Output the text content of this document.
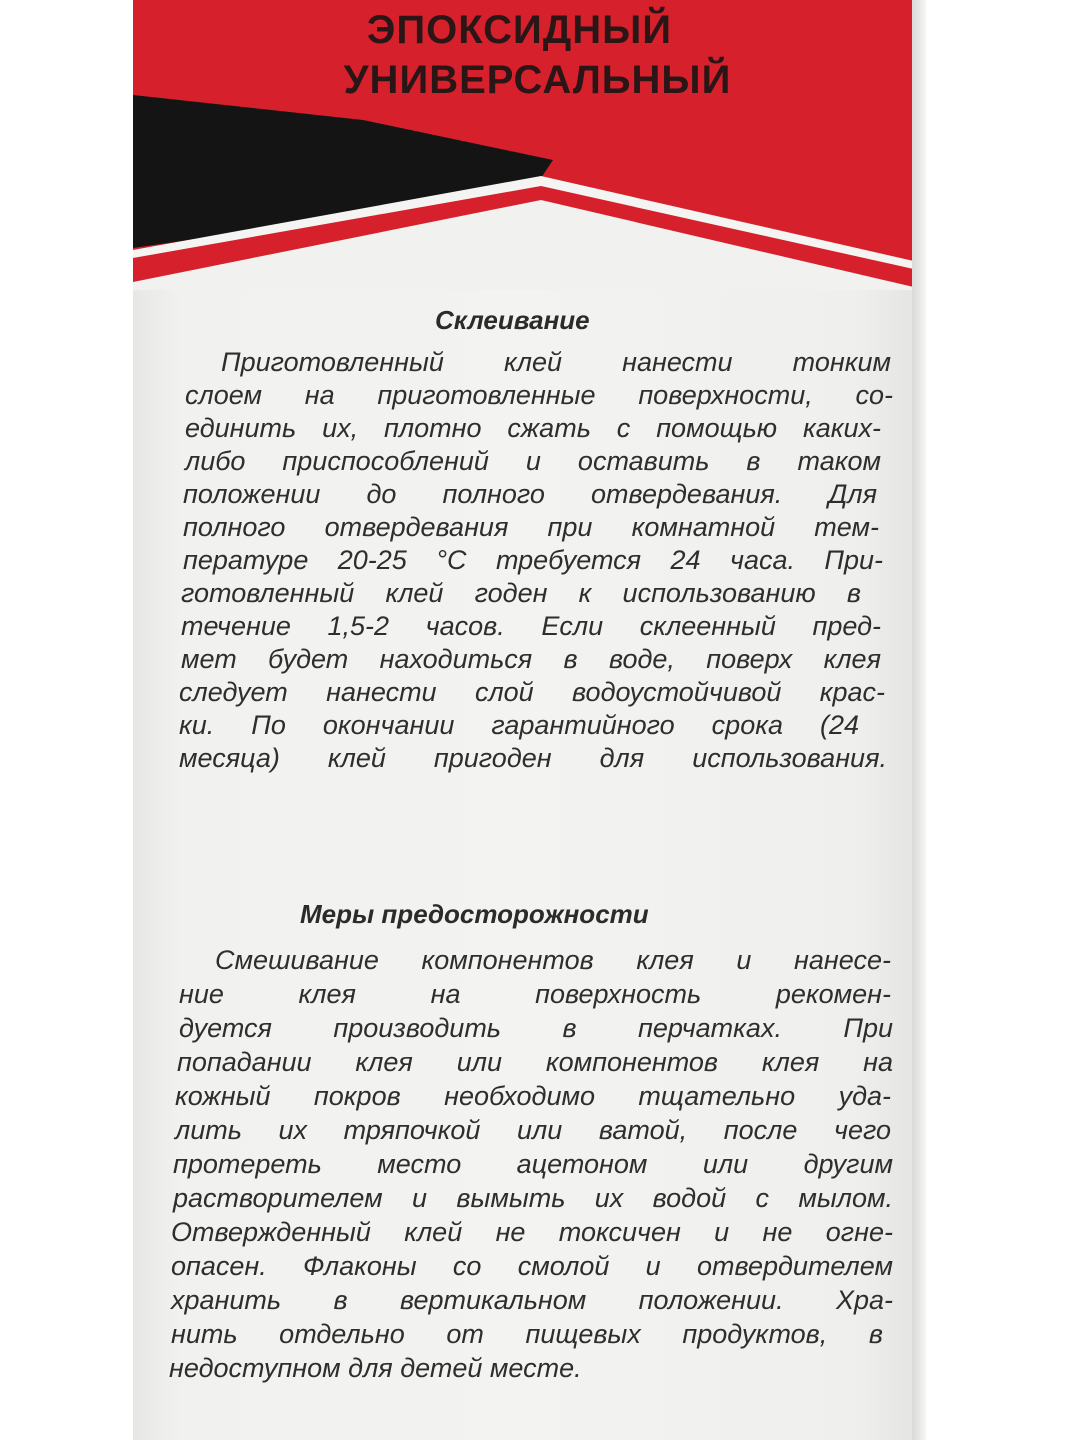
ЭПОКСИДНЫЙ
УНИВЕРСАЛЬНЫЙ
Склеивание
Приготовленный клей нанести тонким
слоем на приготовленные поверхности, со-
единить их, плотно сжать с помощью каких-
либо приспособлений и оставить в таком
положении до полного отвердевания. Для
полного отвердевания при комнатной тем-
пературе 20-25 °С требуется 24 часа. При-
готовленный клей годен к использованию в
течение 1,5-2 часов. Если склеенный пред-
мет будет находиться в воде, поверх клея
следует нанести слой водоустойчивой крас-
ки. По окончании гарантийного срока (24
месяца) клей пригоден для использования.
Меры предосторожности
Смешивание компонентов клея и нанесе-
ние клея на поверхность рекомен-
дуется производить в перчатках. При
попадании клея или компонентов клея на
кожный покров необходимо тщательно уда-
лить их тряпочкой или ватой, после чего
протереть место ацетоном или другим
растворителем и вымыть их водой с мылом.
Отвержденный клей не токсичен и не огне-
опасен. Флаконы со смолой и отвердителем
хранить в вертикальном положении. Хра-
нить отдельно от пищевых продуктов, в
недоступном для детей месте.
